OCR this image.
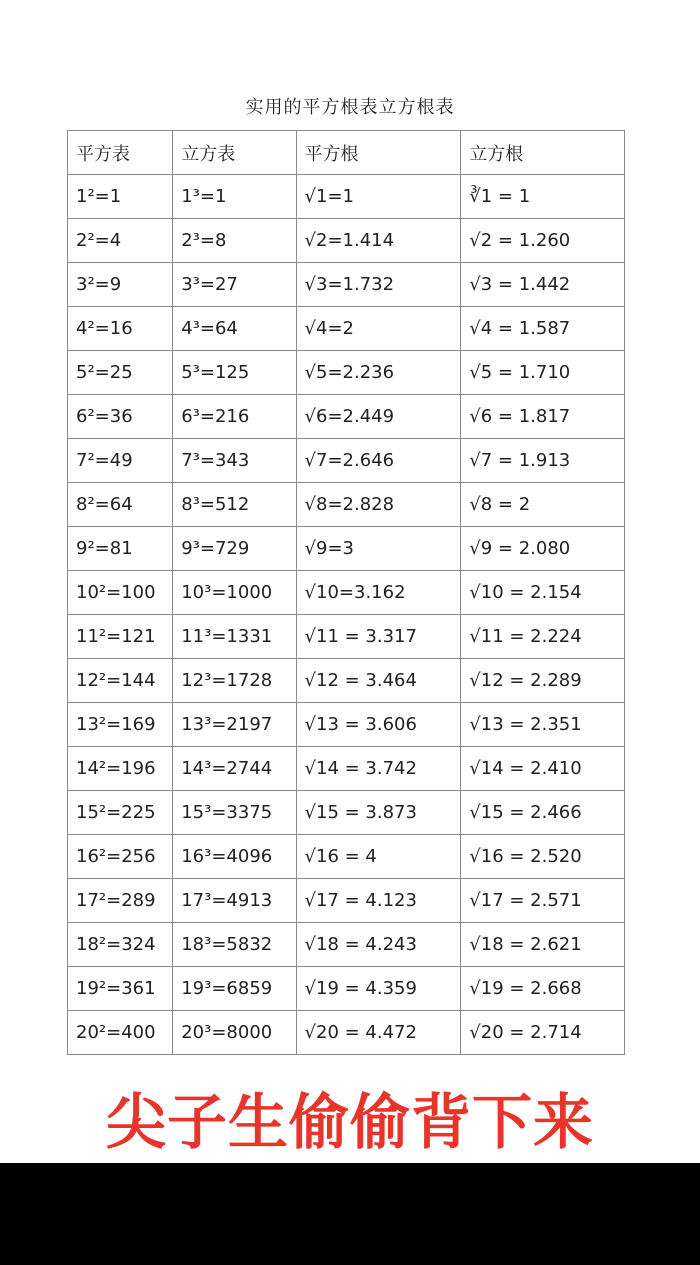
实用的平方根表立方根表
平方表	立方表	平方根	立方根
1²=1	1³=1	√1=1	∛1 = 1
2²=4	2³=8	√2=1.414	√2 = 1.260
3²=9	3³=27	√3=1.732	√3 = 1.442
4²=16	4³=64	√4=2	√4 = 1.587
5²=25	5³=125	√5=2.236	√5 = 1.710
6²=36	6³=216	√6=2.449	√6 = 1.817
7²=49	7³=343	√7=2.646	√7 = 1.913
8²=64	8³=512	√8=2.828	√8 = 2
9²=81	9³=729	√9=3	√9 = 2.080
10²=100	10³=1000	√10=3.162	√10 = 2.154
11²=121	11³=1331	√11 = 3.317	√11 = 2.224
12²=144	12³=1728	√12 = 3.464	√12 = 2.289
13²=169	13³=2197	√13 = 3.606	√13 = 2.351
14²=196	14³=2744	√14 = 3.742	√14 = 2.410
15²=225	15³=3375	√15 = 3.873	√15 = 2.466
16²=256	16³=4096	√16 = 4	√16 = 2.520
17²=289	17³=4913	√17 = 4.123	√17 = 2.571
18²=324	18³=5832	√18 = 4.243	√18 = 2.621
19²=361	19³=6859	√19 = 4.359	√19 = 2.668
20²=400	20³=8000	√20 = 4.472	√20 = 2.714
尖子生偷偷背下来
